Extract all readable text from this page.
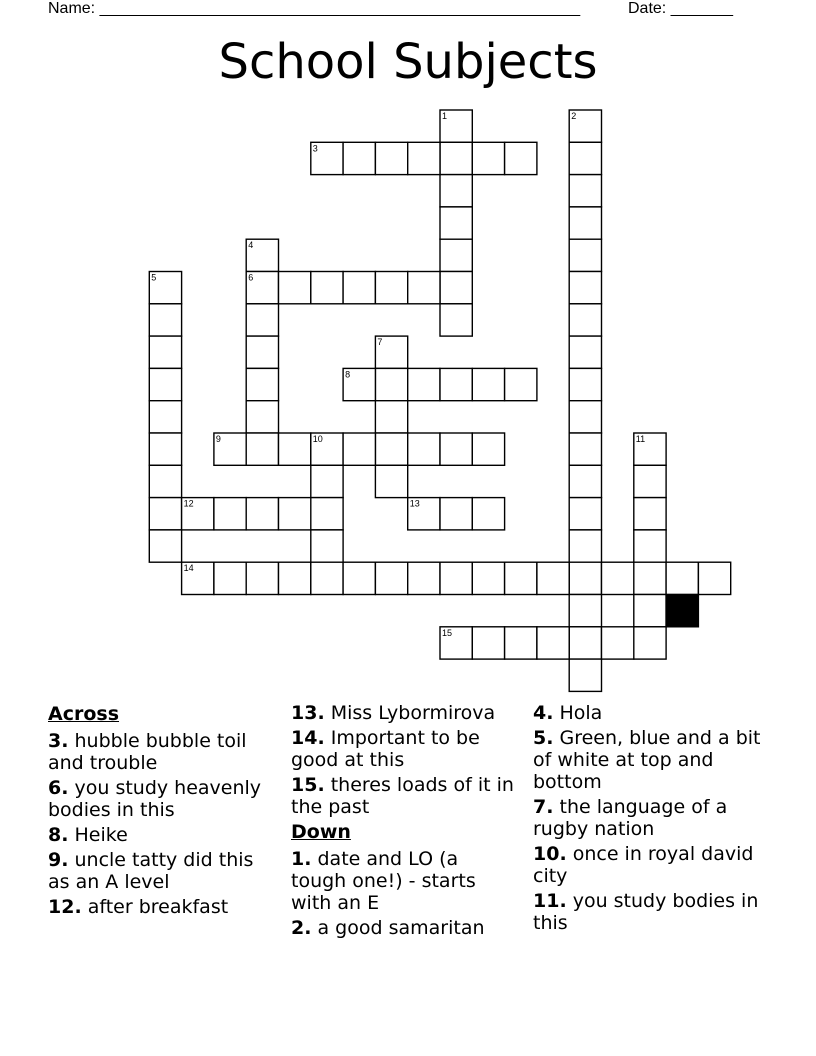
Name: ______________________________________________________	Date: _______
School Subjects
1	2
3
4
5	6
7
8
9	10	11
12	13
14
15
Across
3. hubble bubble toil and trouble
6. you study heavenly bodies in this
8. Heike
9. uncle tatty did this as an A level
12. after breakfast
13. Miss Lybormirova
14. Important to be good at this
15. theres loads of it in the past
Down
1. date and LO (a tough one!) - starts with an E
2. a good samaritan
4. Hola
5. Green, blue and a bit of white at top and bottom
7. the language of a rugby nation
10. once in royal david city
11. you study bodies in this
